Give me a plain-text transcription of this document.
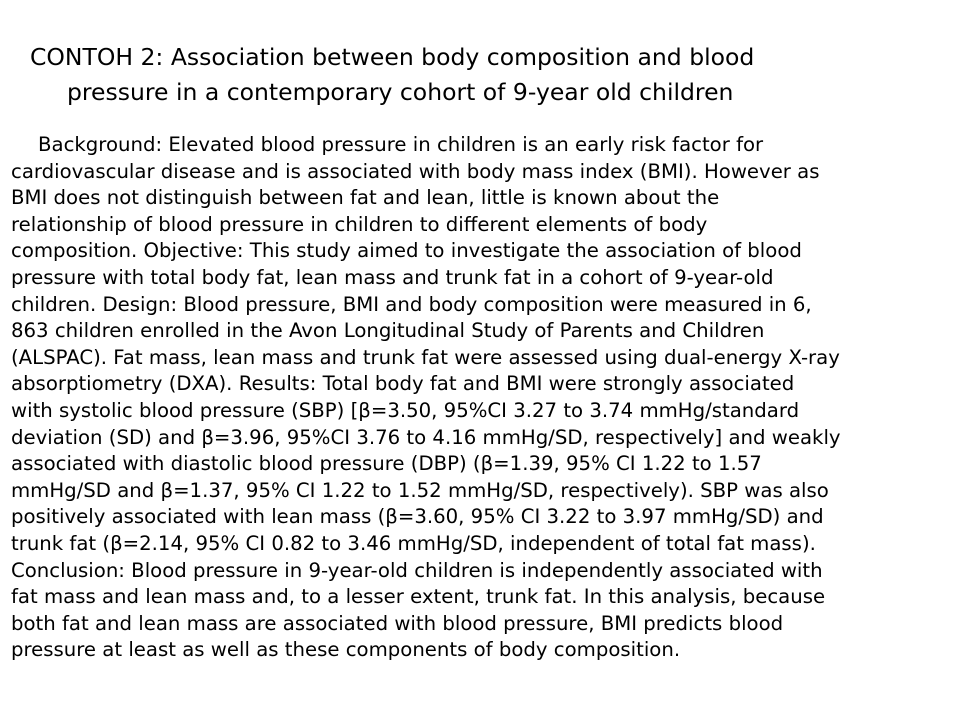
CONTOH 2: Association between body composition and blood
pressure in a contemporary cohort of 9-year old children
Background: Elevated blood pressure in children is an early risk factor for
cardiovascular disease and is associated with body mass index (BMI). However as
BMI does not distinguish between fat and lean, little is known about the
relationship of blood pressure in children to different elements of body
composition. Objective: This study aimed to investigate the association of blood
pressure with total body fat, lean mass and trunk fat in a cohort of 9-year-old
children. Design: Blood pressure, BMI and body composition were measured in 6,
863 children enrolled in the Avon Longitudinal Study of Parents and Children
(ALSPAC). Fat mass, lean mass and trunk fat were assessed using dual-energy X-ray
absorptiometry (DXA). Results: Total body fat and BMI were strongly associated
with systolic blood pressure (SBP) [β=3.50, 95%CI 3.27 to 3.74 mmHg/standard
deviation (SD) and β=3.96, 95%CI 3.76 to 4.16 mmHg/SD, respectively] and weakly
associated with diastolic blood pressure (DBP) (β=1.39, 95% CI 1.22 to 1.57
mmHg/SD and β=1.37, 95% CI 1.22 to 1.52 mmHg/SD, respectively). SBP was also
positively associated with lean mass (β=3.60, 95% CI 3.22 to 3.97 mmHg/SD) and
trunk fat (β=2.14, 95% CI 0.82 to 3.46 mmHg/SD, independent of total fat mass).
Conclusion: Blood pressure in 9-year-old children is independently associated with
fat mass and lean mass and, to a lesser extent, trunk fat. In this analysis, because
both fat and lean mass are associated with blood pressure, BMI predicts blood
pressure at least as well as these components of body composition.
